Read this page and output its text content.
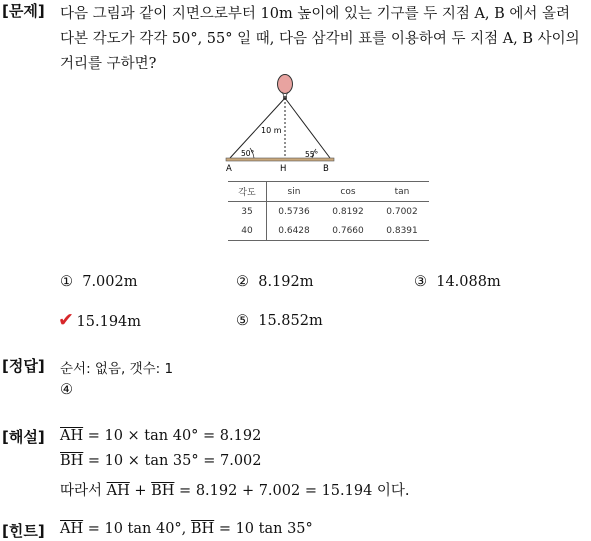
[문제] 다음 그림과 같이 지면으로부터 10m 높이에 있는 기구를 두 지점 A, B 에서 올려
다본 각도가 각각 50°, 55° 일 때, 다음 삼각비 표를 이용하여 두 지점 A, B 사이의
거리를 구하면?
10 m
50°	55°
A	H	B
각도	sin	cos	tan
35	0.5736	0.8192	0.7002
40	0.6428	0.7660	0.8391
① 7.002m	② 8.192m	③ 14.088m
✔ 15.194m	⑤ 15.852m
[정답] 순서: 없음, 갯수: 1
④
[해설] $\overline{AH} = 10 \times \tan 40^\circ = 8.192$
$\overline{BH} = 10 \times \tan 35^\circ = 7.002$
따라서 $\overline{AH} + \overline{BH} = 8.192 + 7.002 = 15.194$ 이다.
[힌트] $\overline{AH} = 10$ tan 40°, $\overline{BH} = 10$ tan 35°
